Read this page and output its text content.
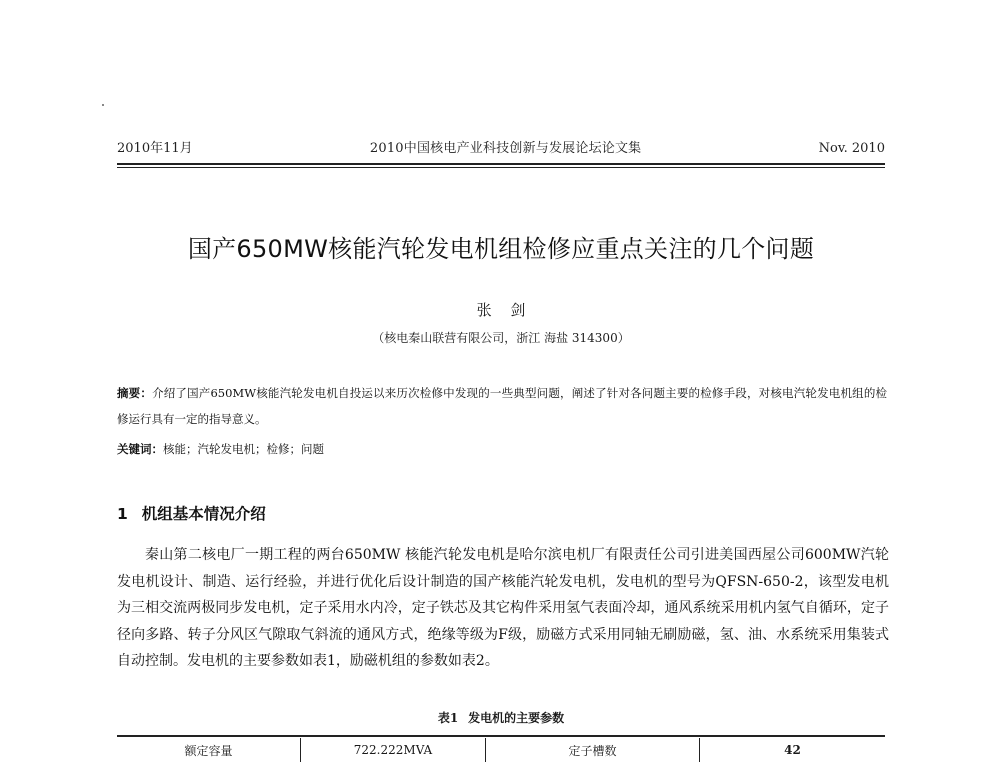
2010年11月	2010中国核电产业科技创新与发展论坛论文集	Nov. 2010
国产650MW核能汽轮发电机组检修应重点关注的几个问题
张 剑
（核电秦山联营有限公司，浙江 海盐 314300）
摘要：介绍了国产650MW核能汽轮发电机自投运以来历次检修中发现的一些典型问题，阐述了针对各问题主要的检修手段，对核电汽轮发电机组的检修运行具有一定的指导意义。
关键词：核能；汽轮发电机；检修；问题
1 机组基本情况介绍
秦山第二核电厂一期工程的两台650MW 核能汽轮发电机是哈尔滨电机厂有限责任公司引进美国西屋公司600MW汽轮发电机设计、制造、运行经验，并进行优化后设计制造的国产核能汽轮发电机，发电机的型号为QFSN-650-2，该型发电机为三相交流两极同步发电机，定子采用水内冷，定子铁芯及其它构件采用氢气表面冷却，通风系统采用机内氢气自循环，定子径向多路、转子分风区气隙取气斜流的通风方式，绝缘等级为F级，励磁方式采用同轴无刷励磁，氢、油、水系统采用集装式自动控制。发电机的主要参数如表1，励磁机组的参数如表2。
表1 发电机的主要参数
额定容量	722.222MVA	定子槽数	42
